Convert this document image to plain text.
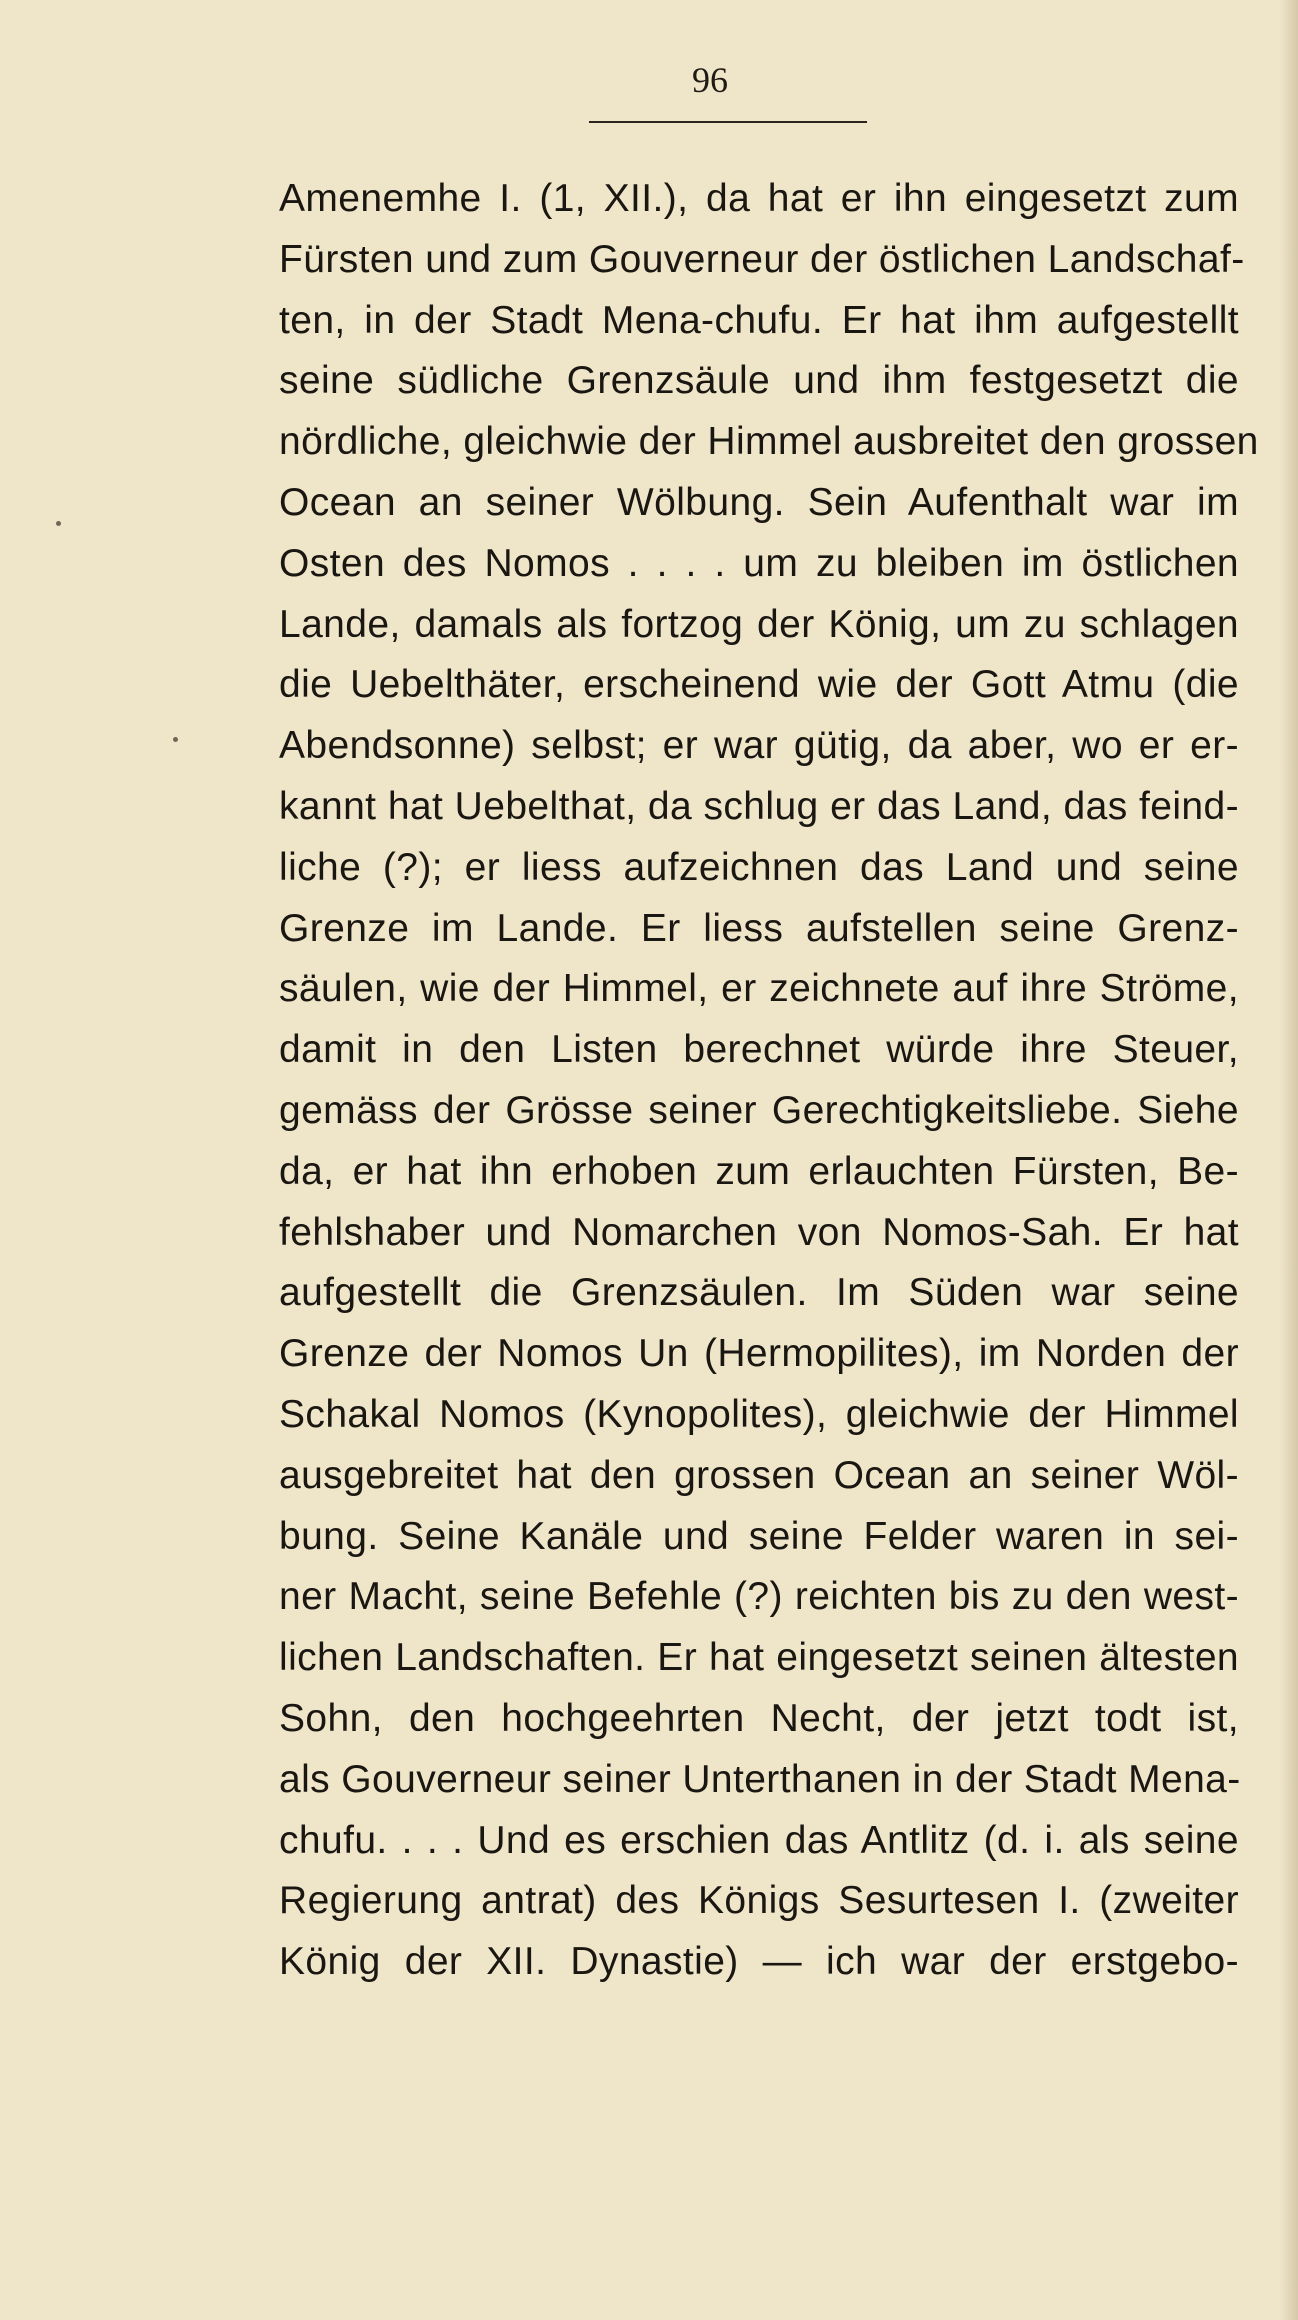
96

Amenemhe I. (1, XII.), da hat er ihn eingesetzt zum
Fürsten und zum Gouverneur der östlichen Landschaf-
ten, in der Stadt Mena-chufu. Er hat ihm aufgestellt
seine südliche Grenzsäule und ihm festgesetzt die
nördliche, gleichwie der Himmel ausbreitet den grossen
Ocean an seiner Wölbung. Sein Aufenthalt war im
Osten des Nomos . . . . um zu bleiben im östlichen
Lande, damals als fortzog der König, um zu schlagen
die Uebelthäter, erscheinend wie der Gott Atmu (die
Abendsonne) selbst; er war gütig, da aber, wo er er-
kannt hat Uebelthat, da schlug er das Land, das feind-
liche (?); er liess aufzeichnen das Land und seine
Grenze im Lande. Er liess aufstellen seine Grenz-
säulen, wie der Himmel, er zeichnete auf ihre Ströme,
damit in den Listen berechnet würde ihre Steuer,
gemäss der Grösse seiner Gerechtigkeitsliebe. Siehe
da, er hat ihn erhoben zum erlauchten Fürsten, Be-
fehlshaber und Nomarchen von Nomos-Sah. Er hat
aufgestellt die Grenzsäulen. Im Süden war seine
Grenze der Nomos Un (Hermopilites), im Norden der
Schakal Nomos (Kynopolites), gleichwie der Himmel
ausgebreitet hat den grossen Ocean an seiner Wöl-
bung. Seine Kanäle und seine Felder waren in sei-
ner Macht, seine Befehle (?) reichten bis zu den west-
lichen Landschaften. Er hat eingesetzt seinen ältesten
Sohn, den hochgeehrten Necht, der jetzt todt ist,
als Gouverneur seiner Unterthanen in der Stadt Mena-
chufu. . . . Und es erschien das Antlitz (d. i. als seine
Regierung antrat) des Königs Sesurtesen I. (zweiter
König der XII. Dynastie) — ich war der erstgebo-
